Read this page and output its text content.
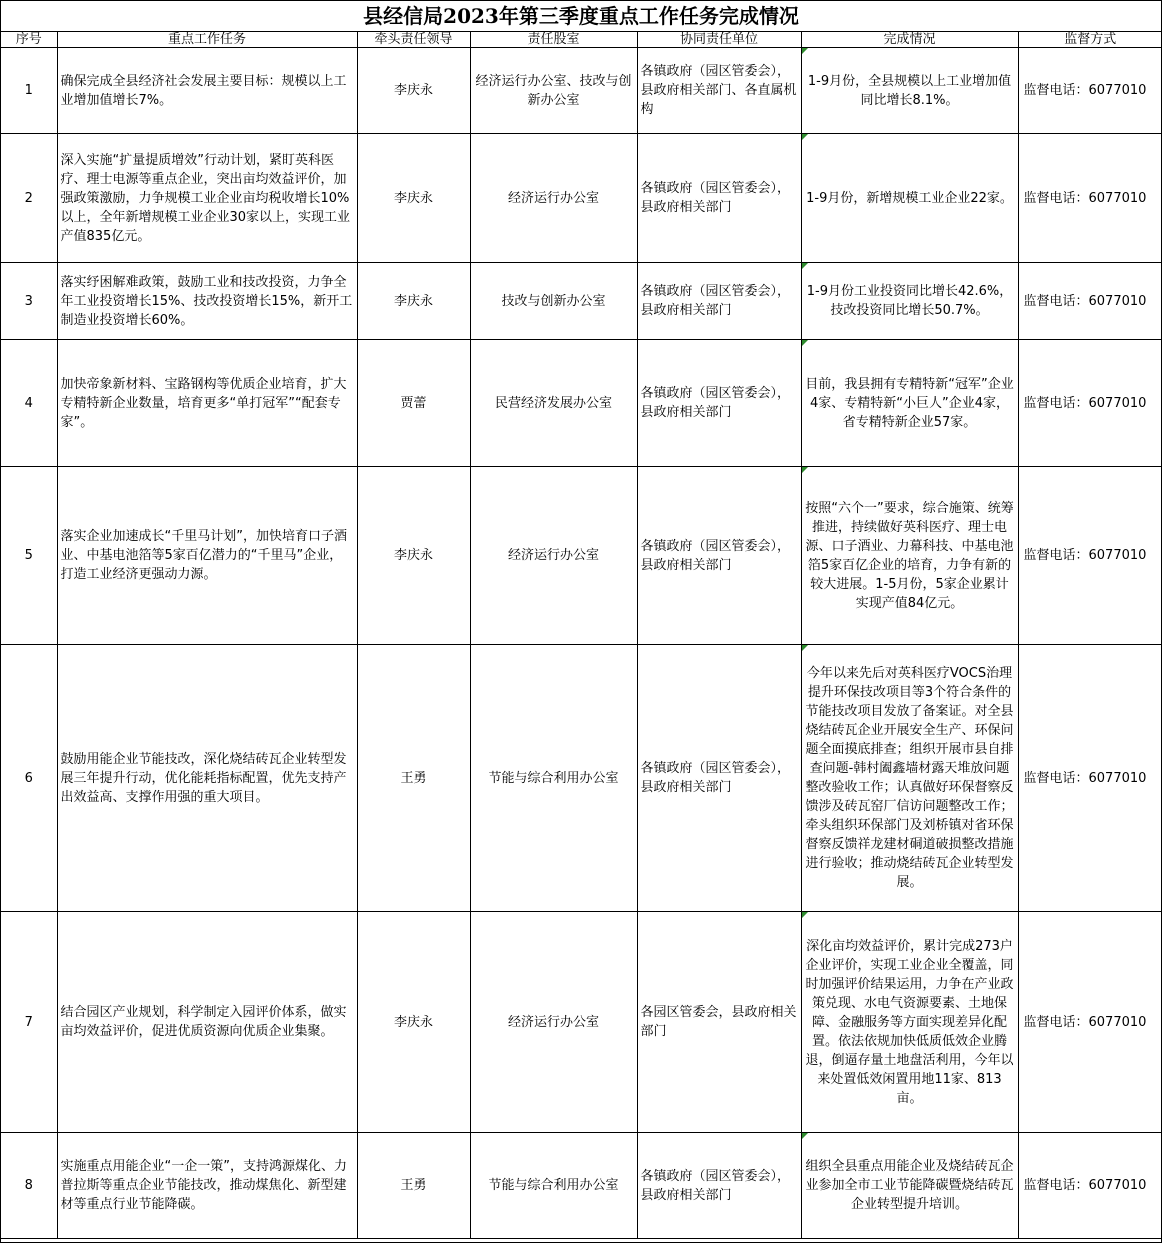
县经信局2023年第三季度重点工作任务完成情况
序号	重点工作任务	牵头责任领导	责任股室	协同责任单位	完成情况	监督方式
1	确保完成全县经济社会发展主要目标：规模以上工业增加值增长7%。	李庆永	经济运行办公室、技改与创新办公室	各镇政府（园区管委会），县政府相关部门、各直属机构	1-9月份，全县规模以上工业增加值同比增长8.1%。	监督电话：6077010
2	深入实施“扩量提质增效”行动计划，紧盯英科医疗、理士电源等重点企业，突出亩均效益评价，加强政策激励，力争规模工业企业亩均税收增长10%以上，全年新增规模工业企业30家以上，实现工业产值835亿元。	李庆永	经济运行办公室	各镇政府（园区管委会），县政府相关部门	1-9月份，新增规模工业企业22家。	监督电话：6077010
3	落实纾困解难政策，鼓励工业和技改投资，力争全年工业投资增长15%、技改投资增长15%，新开工制造业投资增长60%。	李庆永	技改与创新办公室	各镇政府（园区管委会），县政府相关部门	1-9月份工业投资同比增长42.6%，技改投资同比增长50.7%。	监督电话：6077010
4	加快帝象新材料、宝路钢构等优质企业培育，扩大专精特新企业数量，培育更多“单打冠军”“配套专家”。	贾蕾	民营经济发展办公室	各镇政府（园区管委会），县政府相关部门	目前，我县拥有专精特新“冠军”企业4家、专精特新“小巨人”企业4家，省专精特新企业57家。	监督电话：6077010
5	落实企业加速成长“千里马计划”，加快培育口子酒业、中基电池箔等5家百亿潜力的“千里马”企业，打造工业经济更强动力源。	李庆永	经济运行办公室	各镇政府（园区管委会），县政府相关部门	按照“六个一”要求，综合施策、统筹推进，持续做好英科医疗、理士电源、口子酒业、力幕科技、中基电池箔5家百亿企业的培育，力争有新的较大进展。1-5月份，5家企业累计实现产值84亿元。	监督电话：6077010
6	鼓励用能企业节能技改，深化烧结砖瓦企业转型发展三年提升行动，优化能耗指标配置，优先支持产出效益高、支撑作用强的重大项目。	王勇	节能与综合利用办公室	各镇政府（园区管委会），县政府相关部门	今年以来先后对英科医疗VOCS治理提升环保技改项目等3个符合条件的节能技改项目发放了备案证。对全县烧结砖瓦企业开展安全生产、环保问题全面摸底排查；组织开展市县自排查问题-韩村阖鑫墙材露天堆放问题整改验收工作；认真做好环保督察反馈涉及砖瓦窑厂信访问题整改工作；牵头组织环保部门及刘桥镇对省环保督察反馈祥龙建材硐道破损整改措施进行验收；推动烧结砖瓦企业转型发展。	监督电话：6077010
7	结合园区产业规划，科学制定入园评价体系，做实亩均效益评价，促进优质资源向优质企业集聚。	李庆永	经济运行办公室	各园区管委会，县政府相关部门	深化亩均效益评价，累计完成273户企业评价，实现工业企业全覆盖，同时加强评价结果运用，力争在产业政策兑现、水电气资源要素、土地保障、金融服务等方面实现差异化配置。依法依规加快低质低效企业腾退，倒逼存量土地盘活利用，今年以来处置低效闲置用地11家、813亩。	监督电话：6077010
8	实施重点用能企业“一企一策”，支持鸿源煤化、力普拉斯等重点企业节能技改，推动煤焦化、新型建材等重点行业节能降碳。	王勇	节能与综合利用办公室	各镇政府（园区管委会），县政府相关部门	组织全县重点用能企业及烧结砖瓦企业参加全市工业节能降碳暨烧结砖瓦企业转型提升培训。	监督电话：6077010
